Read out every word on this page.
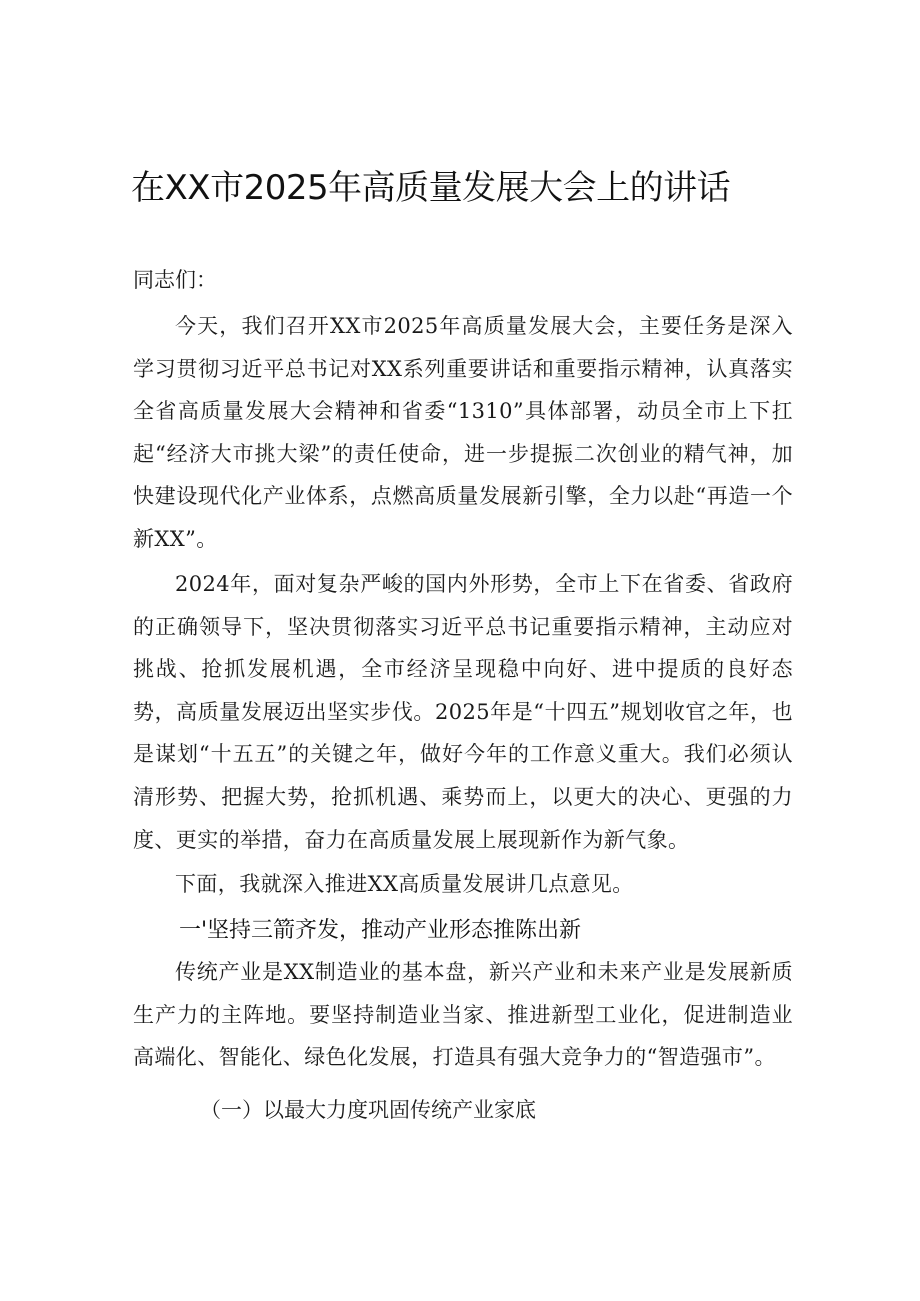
在XX市2025年高质量发展大会上的讲话
同志们：

今天，我们召开XX市2025年高质量发展大会，主要任务是深入学习贯彻习近平总书记对XX系列重要讲话和重要指示精神，认真落实全省高质量发展大会精神和省委“1310”具体部署，动员全市上下扛起“经济大市挑大梁”的责任使命，进一步提振二次创业的精气神，加快建设现代化产业体系，点燃高质量发展新引擎，全力以赴“再造一个新XX”。

2024年，面对复杂严峻的国内外形势，全市上下在省委、省政府的正确领导下，坚决贯彻落实习近平总书记重要指示精神，主动应对挑战、抢抓发展机遇，全市经济呈现稳中向好、进中提质的良好态势，高质量发展迈出坚实步伐。2025年是“十四五”规划收官之年，也是谋划“十五五”的关键之年，做好今年的工作意义重大。我们必须认清形势、把握大势，抢抓机遇、乘势而上，以更大的决心、更强的力度、更实的举措，奋力在高质量发展上展现新作为新气象。

下面，我就深入推进XX高质量发展讲几点意见。

一'坚持三箭齐发，推动产业形态推陈出新

传统产业是XX制造业的基本盘，新兴产业和未来产业是发展新质生产力的主阵地。要坚持制造业当家、推进新型工业化，促进制造业高端化、智能化、绿色化发展，打造具有强大竞争力的“智造强市”。

（一）以最大力度巩固传统产业家底
